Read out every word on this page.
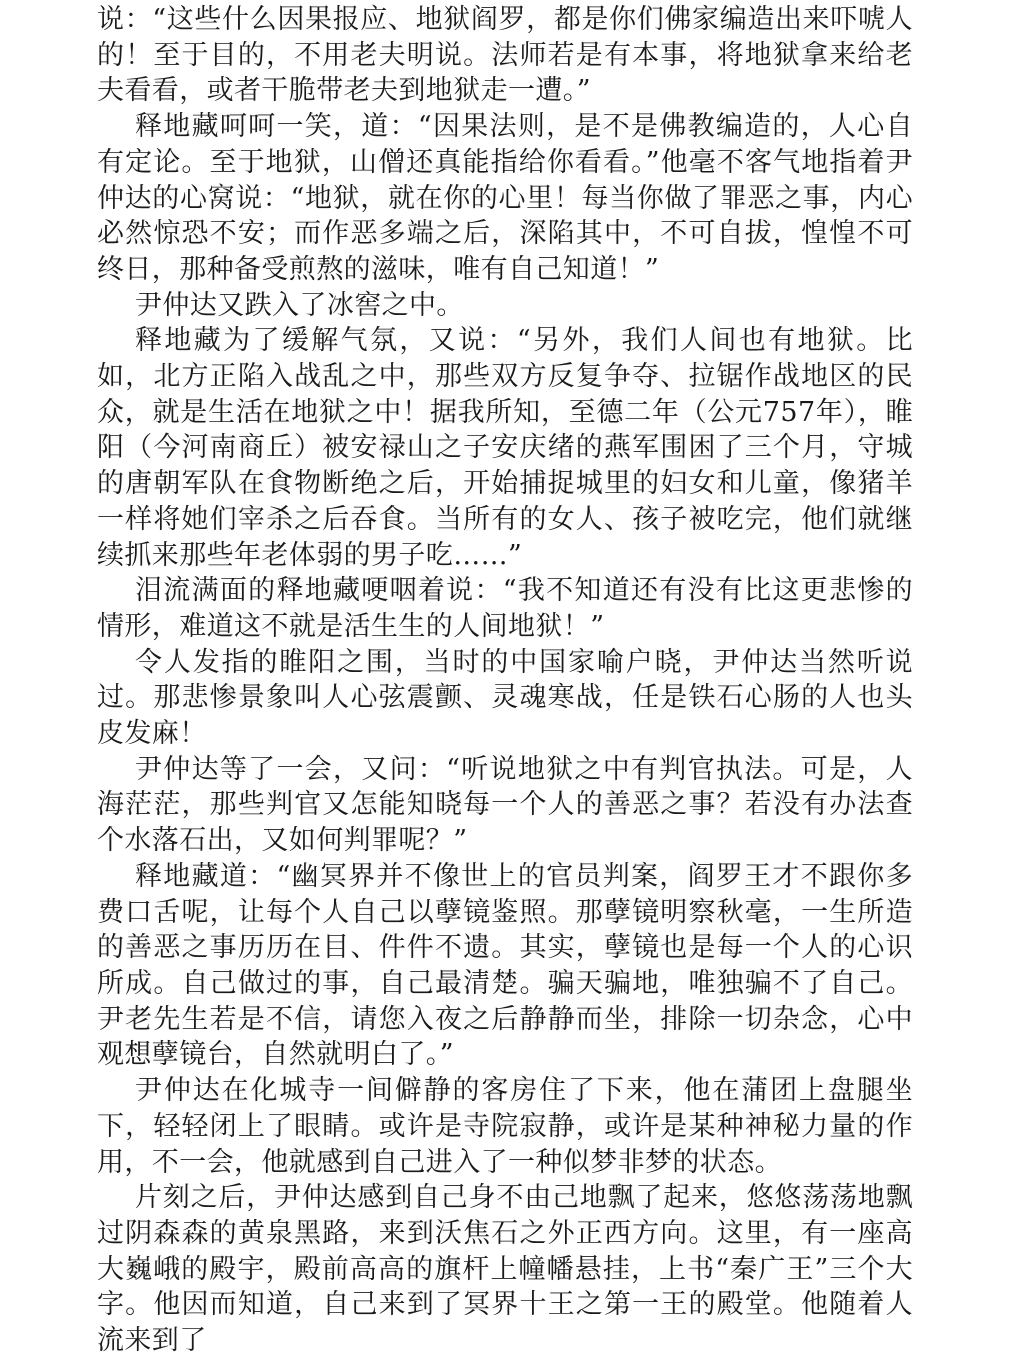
说：“这些什么因果报应、地狱阎罗，都是你们佛家编造出来吓唬人的！至于目的，不用老夫明说。法师若是有本事，将地狱拿来给老夫看看，或者干脆带老夫到地狱走一遭。”

释地藏呵呵一笑，道：“因果法则，是不是佛教编造的，人心自有定论。至于地狱，山僧还真能指给你看看。”他毫不客气地指着尹仲达的心窝说：“地狱，就在你的心里！每当你做了罪恶之事，内心必然惊恐不安；而作恶多端之后，深陷其中，不可自拔，惶惶不可终日，那种备受煎熬的滋味，唯有自己知道！”

尹仲达又跌入了冰窖之中。

释地藏为了缓解气氛，又说：“另外，我们人间也有地狱。比如，北方正陷入战乱之中，那些双方反复争夺、拉锯作战地区的民众，就是生活在地狱之中！据我所知，至德二年（公元757年），睢阳（今河南商丘）被安禄山之子安庆绪的燕军围困了三个月，守城的唐朝军队在食物断绝之后，开始捕捉城里的妇女和儿童，像猪羊一样将她们宰杀之后吞食。当所有的女人、孩子被吃完，他们就继续抓来那些年老体弱的男子吃……”

泪流满面的释地藏哽咽着说：“我不知道还有没有比这更悲惨的情形，难道这不就是活生生的人间地狱！”

令人发指的睢阳之围，当时的中国家喻户晓，尹仲达当然听说过。那悲惨景象叫人心弦震颤、灵魂寒战，任是铁石心肠的人也头皮发麻！

尹仲达等了一会，又问：“听说地狱之中有判官执法。可是，人海茫茫，那些判官又怎能知晓每一个人的善恶之事？若没有办法查个水落石出，又如何判罪呢？”

释地藏道：“幽冥界并不像世上的官员判案，阎罗王才不跟你多费口舌呢，让每个人自己以孽镜鉴照。那孽镜明察秋毫，一生所造的善恶之事历历在目、件件不遗。其实，孽镜也是每一个人的心识所成。自己做过的事，自己最清楚。骗天骗地，唯独骗不了自己。尹老先生若是不信，请您入夜之后静静而坐，排除一切杂念，心中观想孽镜台，自然就明白了。”

尹仲达在化城寺一间僻静的客房住了下来，他在蒲团上盘腿坐下，轻轻闭上了眼睛。或许是寺院寂静，或许是某种神秘力量的作用，不一会，他就感到自己进入了一种似梦非梦的状态。

片刻之后，尹仲达感到自己身不由己地飘了起来，悠悠荡荡地飘过阴森森的黄泉黑路，来到沃焦石之外正西方向。这里，有一座高大巍峨的殿宇，殿前高高的旗杆上幢幡悬挂，上书“秦广王”三个大字。他因而知道，自己来到了冥界十王之第一王的殿堂。他随着人流来到了
